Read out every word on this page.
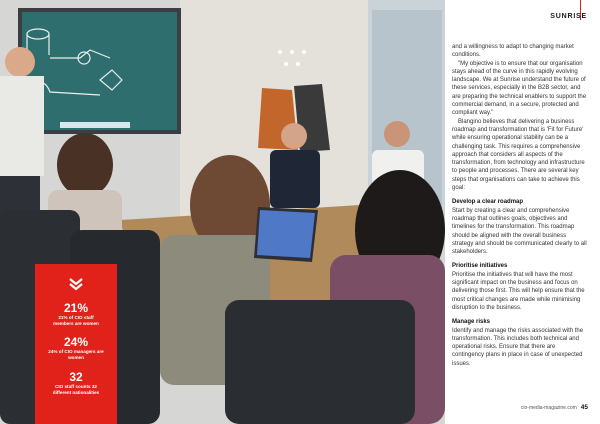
21%
21% of CIO staff members are women
24%
24% of CIO managers are women
32
CIO staff counts 32 different nationalities
SUNRISE

and a willingness to adapt to changing market conditions.

"My objective is to ensure that our organisation stays ahead of the curve in this rapidly evolving landscape. We at Sunrise understand the future of these services, especially in the B2B sector, and are preparing the technical enablers to support the commercial demand, in a secure, protected and compliant way."

Blangino believes that delivering a business roadmap and transformation that is 'Fit for Future' while ensuring operational stability can be a challenging task. This requires a comprehensive approach that considers all aspects of the transformation, from technology and infrastructure to people and processes. There are several key steps that organisations can take to achieve this goal:

Develop a clear roadmap

Start by creating a clear and comprehensive roadmap that outlines goals, objectives and timelines for the transformation. This roadmap should be aligned with the overall business strategy and should be communicated clearly to all stakeholders.

Prioritise initiatives

Prioritise the initiatives that will have the most significant impact on the business and focus on delivering those first. This will help ensure that the most critical changes are made while minimising disruption to the business.

Manage risks

Identify and manage the risks associated with the transformation. This includes both technical and operational risks. Ensure that there are contingency plans in place in case of unexpected issues.

cio-media-magazine.com 45
